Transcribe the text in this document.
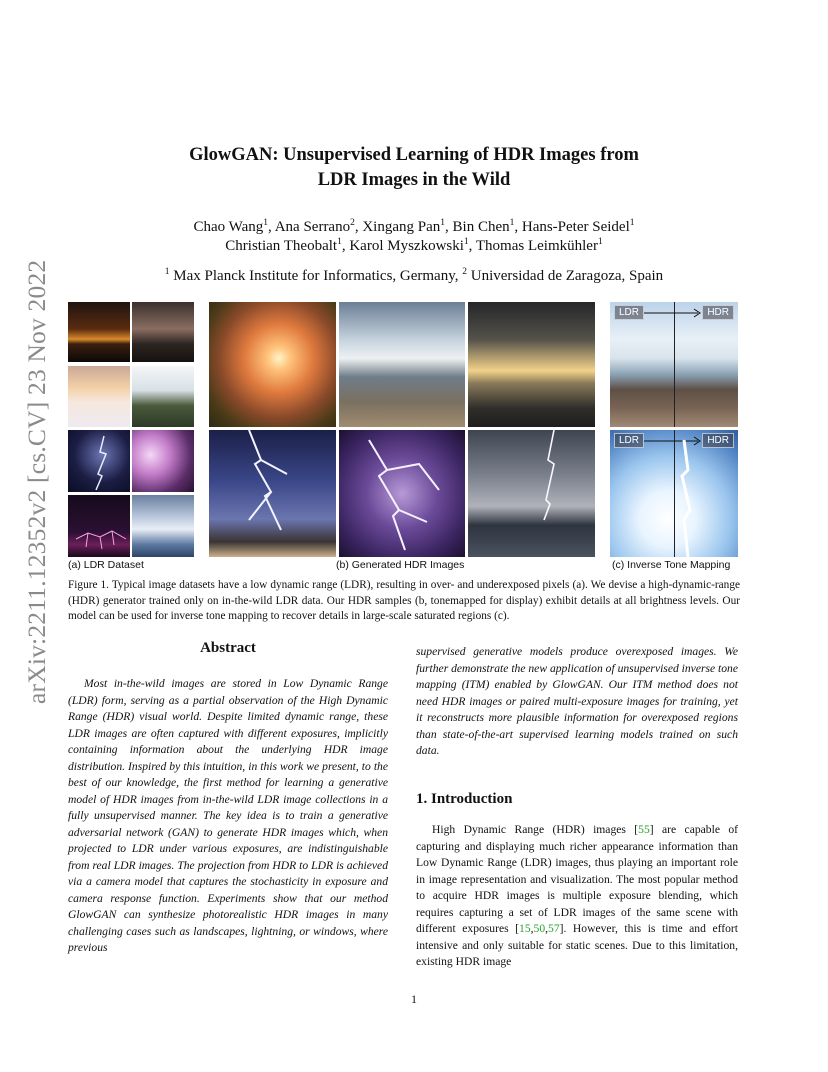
arXiv:2211.12352v2 [cs.CV] 23 Nov 2022
GlowGAN: Unsupervised Learning of HDR Images from
LDR Images in the Wild
Chao Wang$^1$, Ana Serrano$^2$, Xingang Pan$^1$, Bin Chen$^1$, Hans-Peter Seidel$^1$
Christian Theobalt$^1$, Karol Myszkowski$^1$, Thomas Leimkühler$^1$
$^1$ Max Planck Institute for Informatics, Germany, $^2$ Universidad de Zaragoza, Spain
LDR	HDR
LDR	HDR
(a) LDR Dataset	(b) Generated HDR Images	(c) Inverse Tone Mapping
Figure 1. Typical image datasets have a low dynamic range (LDR), resulting in over- and underexposed pixels (a). We devise a high-dynamic-range (HDR) generator trained only on in-the-wild LDR data. Our HDR samples (b, tonemapped for display) exhibit details at all brightness levels. Our model can be used for inverse tone mapping to recover details in large-scale saturated regions (c).
Abstract

Most in-the-wild images are stored in Low Dynamic Range (LDR) form, serving as a partial observation of the High Dynamic Range (HDR) visual world. Despite limited dynamic range, these LDR images are often captured with different exposures, implicitly containing information about the underlying HDR image distribution. Inspired by this intuition, in this work we present, to the best of our knowledge, the first method for learning a generative model of HDR images from in-the-wild LDR image collections in a fully unsupervised manner. The key idea is to train a generative adversarial network (GAN) to generate HDR images which, when projected to LDR under various exposures, are indistinguishable from real LDR images. The projection from HDR to LDR is achieved via a camera model that captures the stochasticity in exposure and camera response function. Experiments show that our method GlowGAN can synthesize photorealistic HDR images in many challenging cases such as landscapes, lightning, or windows, where previous

supervised generative models produce overexposed images. We further demonstrate the new application of unsupervised inverse tone mapping (ITM) enabled by GlowGAN. Our ITM method does not need HDR images or paired multi-exposure images for training, yet it reconstructs more plausible information for overexposed regions than state-of-the-art supervised learning models trained on such data.
1. Introduction

High Dynamic Range (HDR) images [55] are capable of capturing and displaying much richer appearance information than Low Dynamic Range (LDR) images, thus playing an important role in image representation and visualization. The most popular method to acquire HDR images is multiple exposure blending, which requires capturing a set of LDR images of the same scene with different exposures [15,50,57]. However, this is time and effort intensive and only suitable for static scenes. Due to this limitation, existing HDR image

1
